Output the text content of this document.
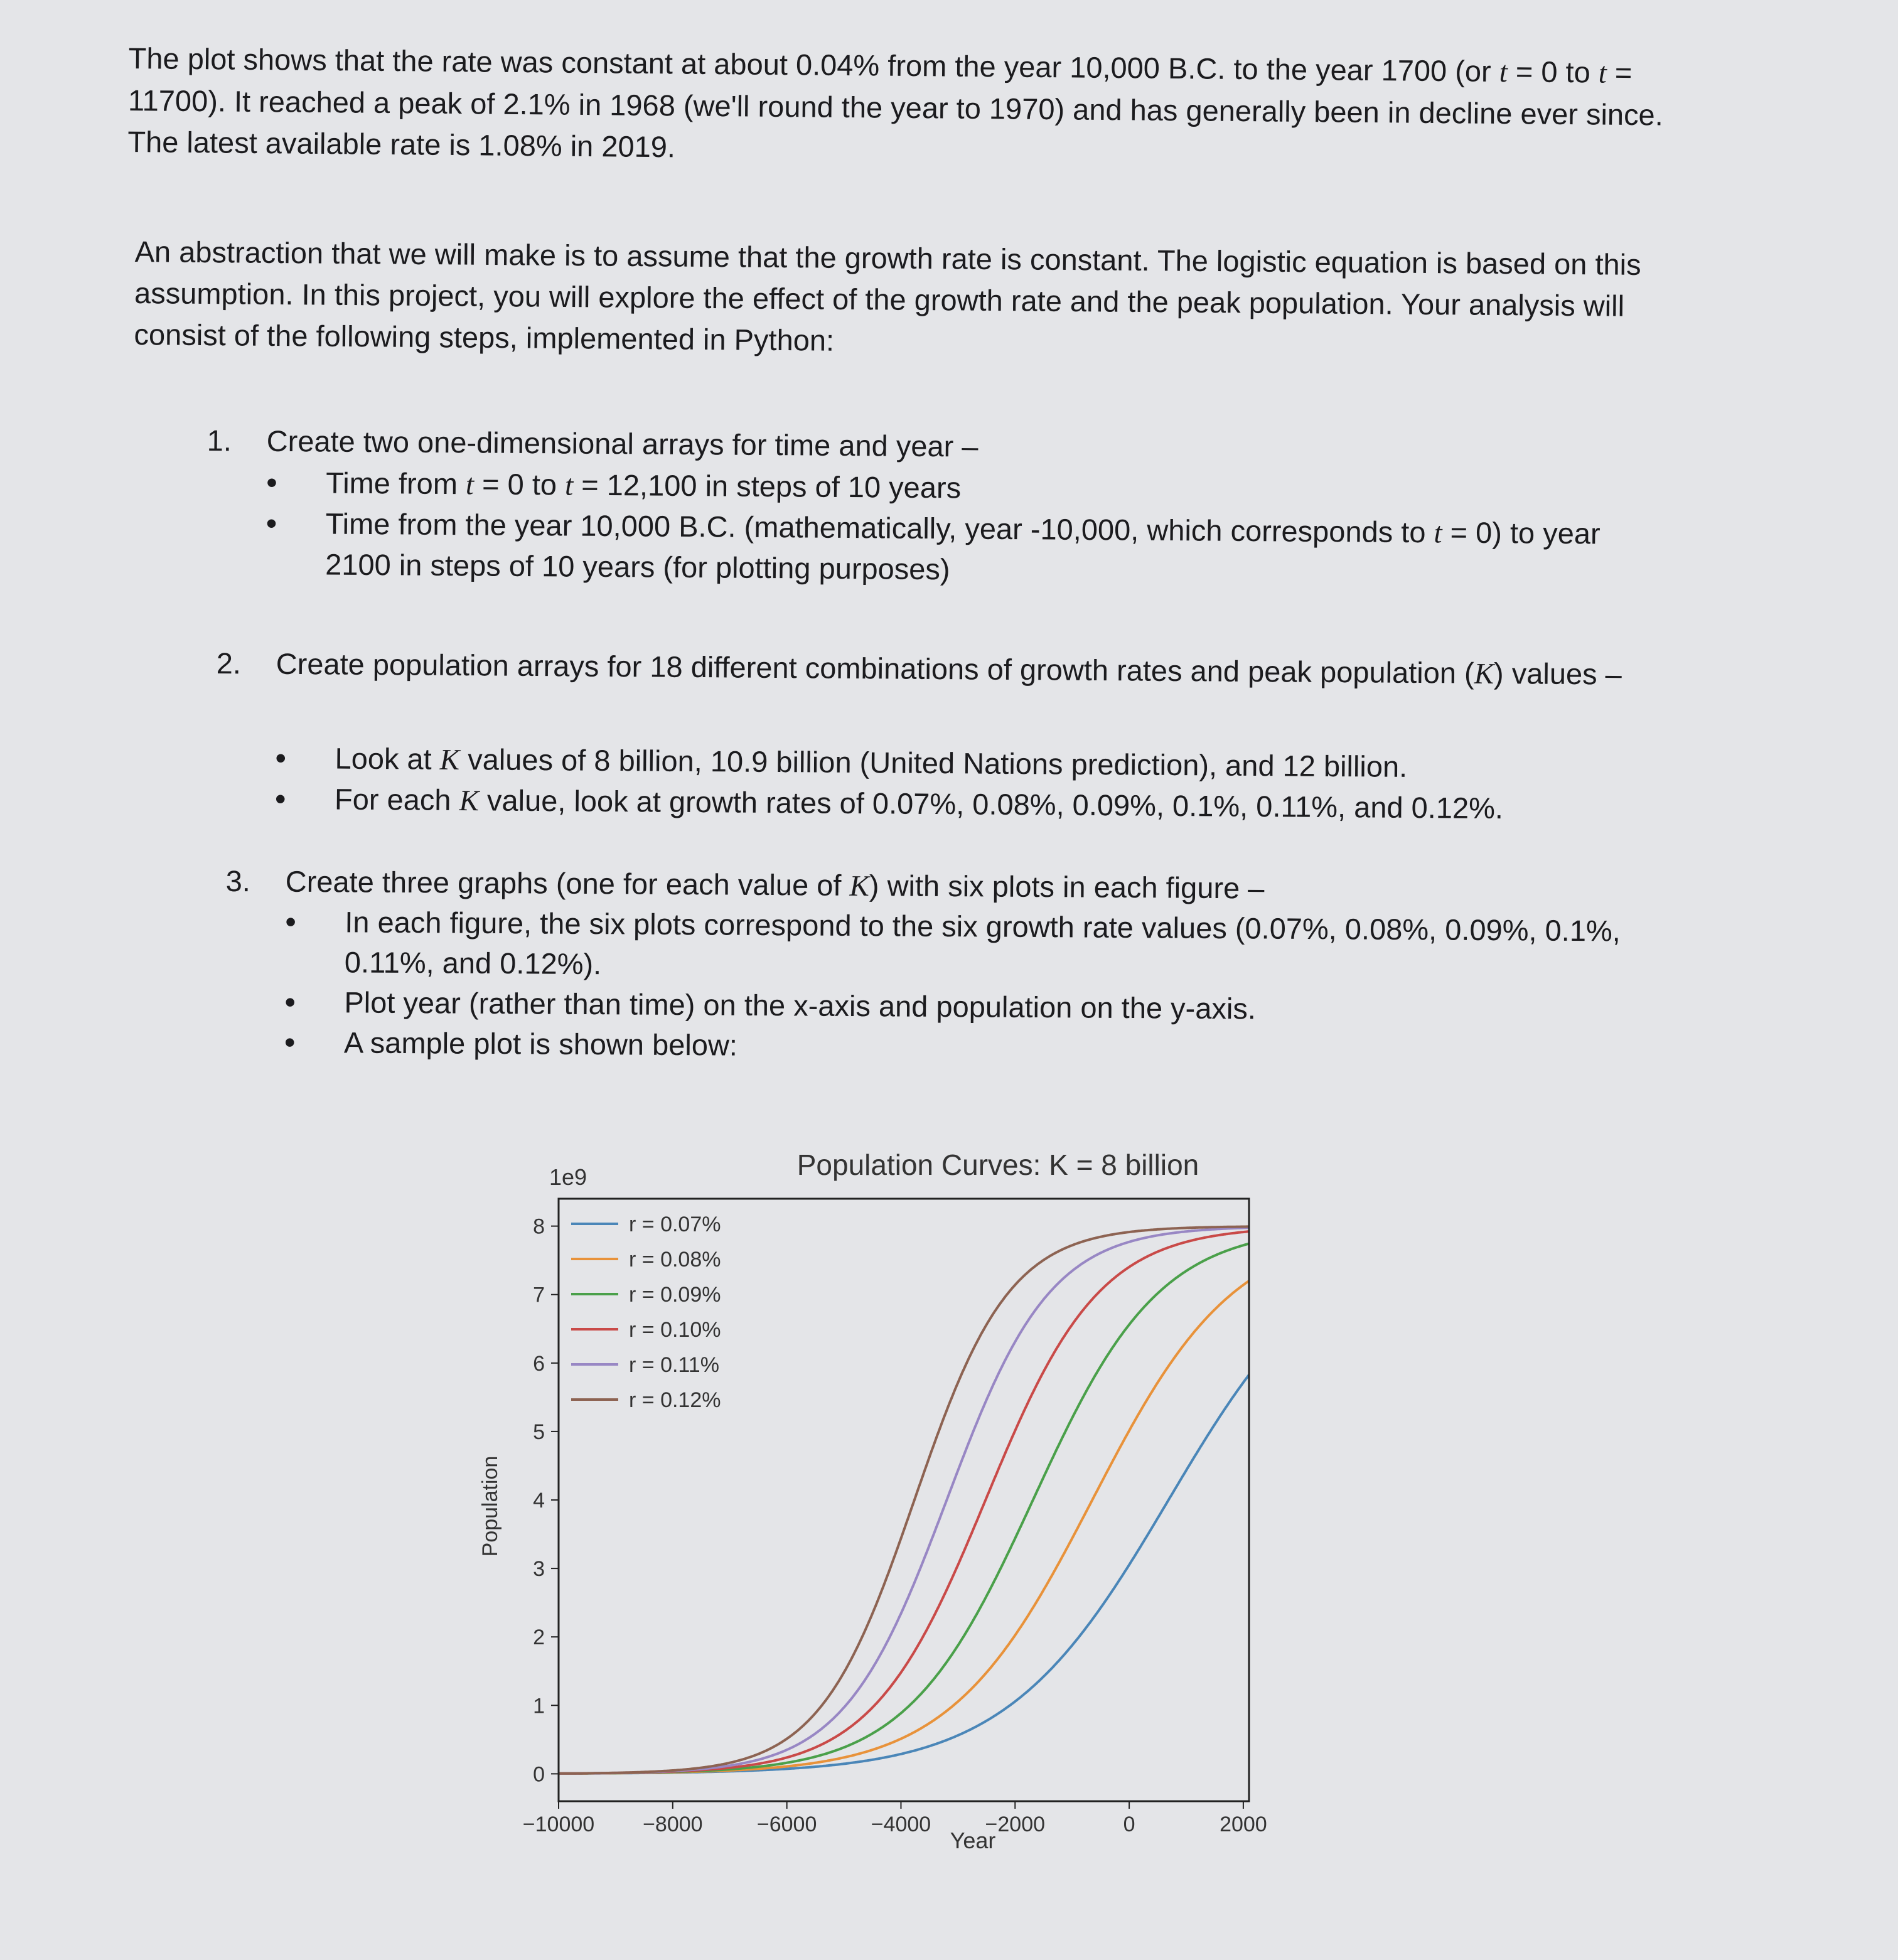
The plot shows that the rate was constant at about 0.04% from the year 10,000 B.C. to the year 1700 (or t = 0 to t = 11700). It reached a peak of 2.1% in 1968 (we'll round the year to 1970) and has generally been in decline ever since. The latest available rate is 1.08% in 2019.

An abstraction that we will make is to assume that the growth rate is constant. The logistic equation is based on this assumption. In this project, you will explore the effect of the growth rate and the peak population. Your analysis will consist of the following steps, implemented in Python:

1. Create two one-dimensional arrays for time and year –
• Time from t = 0 to t = 12,100 in steps of 10 years
• Time from the year 10,000 B.C. (mathematically, year -10,000, which corresponds to t = 0) to year 2100 in steps of 10 years (for plotting purposes)
2. Create population arrays for 18 different combinations of growth rates and peak population (K) values –
• Look at K values of 8 billion, 10.9 billion (United Nations prediction), and 12 billion.
• For each K value, look at growth rates of 0.07%, 0.08%, 0.09%, 0.1%, 0.11%, and 0.12%.
3. Create three graphs (one for each value of K) with six plots in each figure –
• In each figure, the six plots correspond to the six growth rate values (0.07%, 0.08%, 0.09%, 0.1%, 0.11%, and 0.12%).
• Plot year (rather than time) on the x-axis and population on the y-axis.
• A sample plot is shown below:
Population Curves: K = 8 billion
1e9
Population
Year
−10000 −8000	−6000	−4000	−2000	0	2000
0
1
2
3
4
5
6
7
8	r = 0.07%
r = 0.08%
r = 0.09%
r = 0.10%
r = 0.11%
r = 0.12%
